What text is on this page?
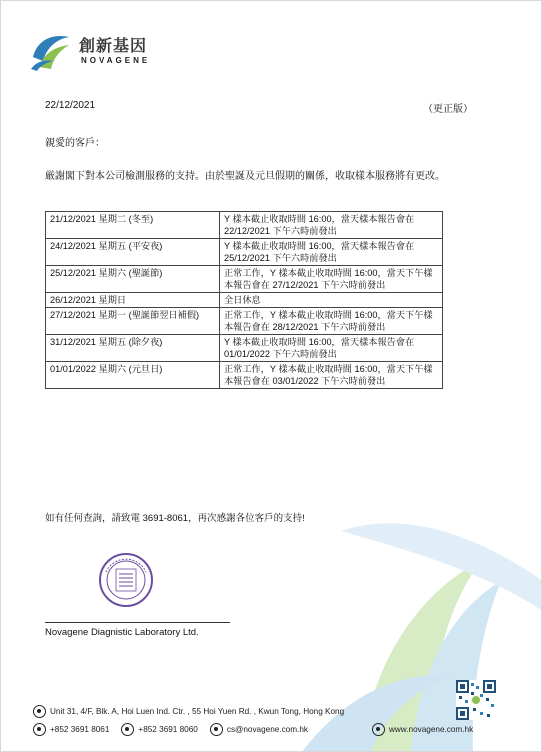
創新基因
NOVAGENE
22/12/2021	（更正版）
親愛的客戶：
厳謝閣下對本公司檢測服務的支持。由於聖誕及元旦假期的關係，收取樣本服務將有更改。
21/12/2021 星期二 (冬至)	Y 樣本截止收取時間 16:00，當天樣本報告會在 22/12/2021 下午六時前發出
24/12/2021 星期五 (平安夜)	Y 樣本截止收取時間 16:00，當天樣本報告會在 25/12/2021 下午六時前發出
25/12/2021 星期六 (聖誕節)	正常工作，Y 樣本截止收取時間 16:00，當天下午樣本報告會在 27/12/2021 下午六時前發出
26/12/2021 星期日	全日休息
27/12/2021 星期一 (聖誕節翌日補假)	正常工作，Y 樣本截止收取時間 16:00，當天下午樣本報告會在 28/12/2021 下午六時前發出
31/12/2021 星期五 (除夕夜)	Y 樣本截止收取時間 16:00，當天樣本報告會在 01/01/2022 下午六時前發出
01/01/2022 星期六 (元旦日)	正常工作，Y 樣本截止收取時間 16:00，當天下午樣本報告會在 03/01/2022 下午六時前發出
如有任何查詢，請致電 3691-8061，再次感謝各位客戶的支持!
Novagene Diagnistic Laboratory Ltd.
Unit 31, 4/F, Blk. A, Hoi Luen Ind. Ctr. , 55 Hoi Yuen Rd. , Kwun Tong, Hong Kong
+852 3691 8061	+852 3691 8060	cs@novagene.com.hk	www.novagene.com.hk
